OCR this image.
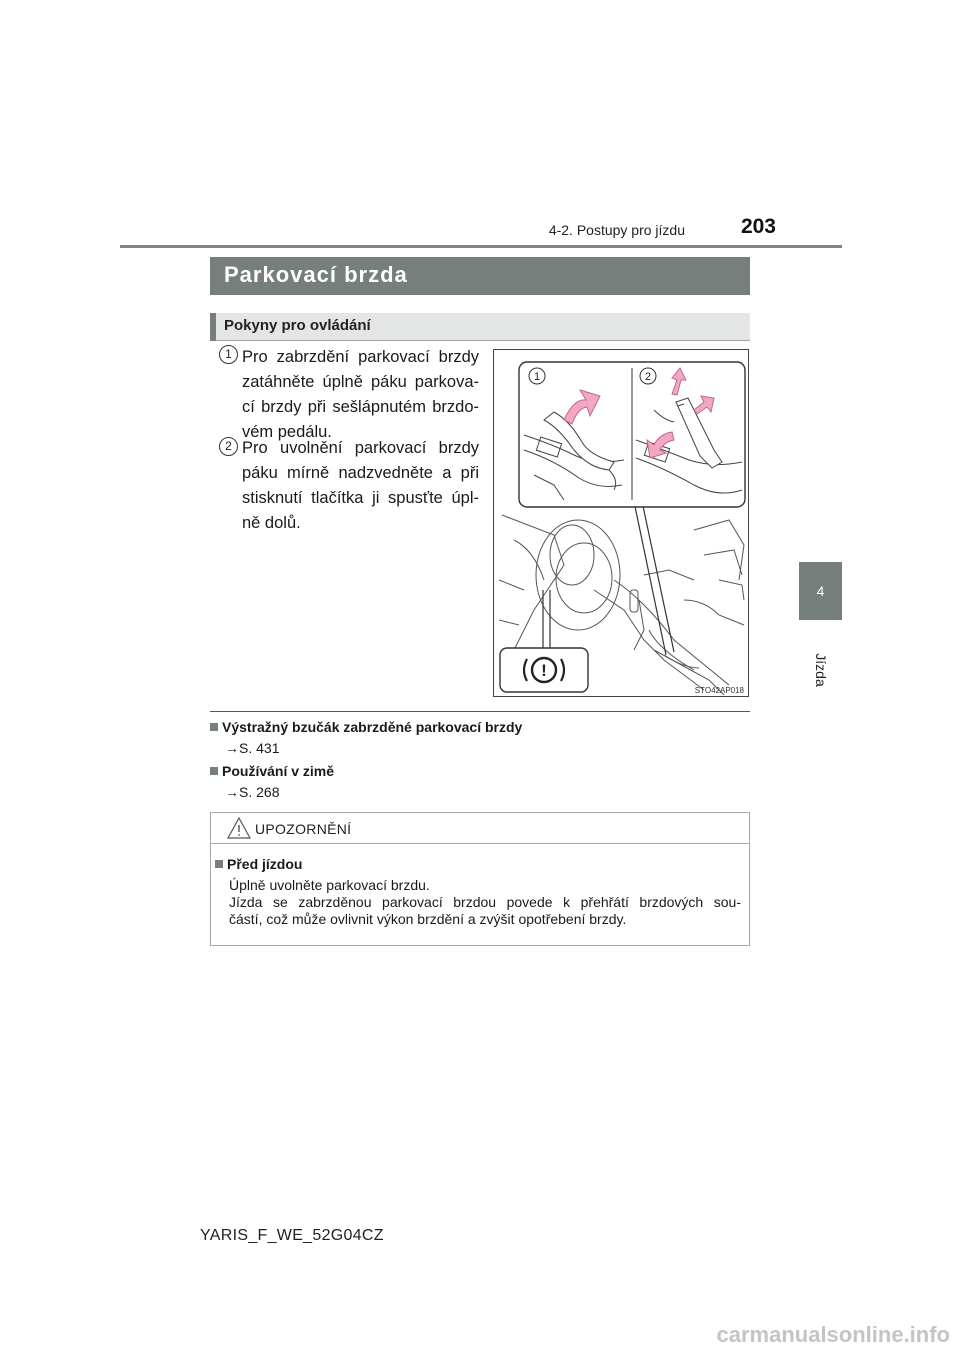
4-2. Postupy pro jízdu	203
4
Jízda
Parkovací brzda
Pokyny pro ovládání
1 Pro zabrzdění parkovací brzdy
zatáhněte úplně páku parkova-
cí brzdy při sešlápnutém brzdo-
vém pedálu.
2 Pro uvolnění parkovací brzdy
páku mírně nadzvedněte a při
stisknutí tlačítka ji spusťte úpl-
ně dolů.
1	2
!
STO42AP018
Výstražný bzučák zabrzděné parkovací brzdy
→S. 431
Používání v zimě
→S. 268
UPOZORNĚNÍ
Před jízdou
Úplně uvolněte parkovací brzdu.
Jízda se zabrzděnou parkovací brzdou povede k přehřátí brzdových sou-
částí, což může ovlivnit výkon brzdění a zvýšit opotřebení brzdy.
YARIS_F_WE_52G04CZ
carmanualsonline.info
